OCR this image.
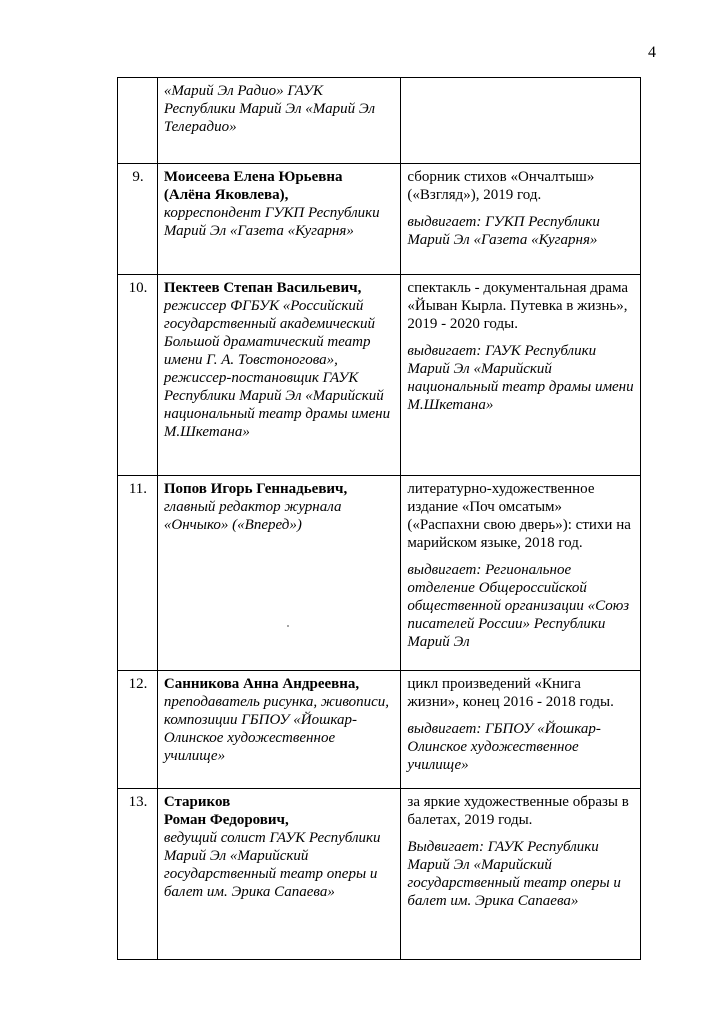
4

	«Марий Эл Радио» ГАУК Республики Марий Эл «Марий Эл Телерадио»	

9.	Моисеева Елена Юрьевна
(Алёна Яковлева),
корреспондент ГУКП Республики Марий Эл «Газета «Кугарня»	сборник стихов «Ончалтыш» («Взгляд»), 2019 год.
выдвигает: ГУКП Республики Марий Эл «Газета «Кугарня»

10.	Пектеев Степан Васильевич,
режиссер ФГБУК «Российский государственный академический Большой драматический театр имени Г. А. Товстоногова», режиссер-постановщик ГАУК Республики Марий Эл «Марийский национальный театр драмы имени М.Шкетана»	спектакль - документальная драма «Йыван Кырла. Путевка в жизнь», 2019 - 2020 годы.
выдвигает: ГАУК Республики Марий Эл «Марийский национальный театр драмы имени М.Шкетана»

11.	Попов Игорь Геннадьевич,
главный редактор журнала «Ончыко» («Вперед»)	литературно-художественное издание «Поч омсатым» («Распахни свою дверь»): стихи на марийском языке, 2018 год.
выдвигает: Региональное отделение Общероссийской общественной организации «Союз писателей России» Республики Марий Эл

12.	Санникова Анна Андреевна,
преподаватель рисунка, живописи, композиции ГБПОУ «Йошкар-Олинское художественное училище»	цикл произведений «Книга жизни», конец 2016 - 2018 годы.
выдвигает: ГБПОУ «Йошкар-Олинское художественное училище»

13.	Стариков
Роман Федорович,
ведущий солист ГАУК Республики Марий Эл «Марийский государственный театр оперы и балет им. Эрика Сапаева»	за яркие художественные образы в балетах, 2019 годы.
Выдвигает: ГАУК Республики Марий Эл «Марийский государственный театр оперы и балет им. Эрика Сапаева»
